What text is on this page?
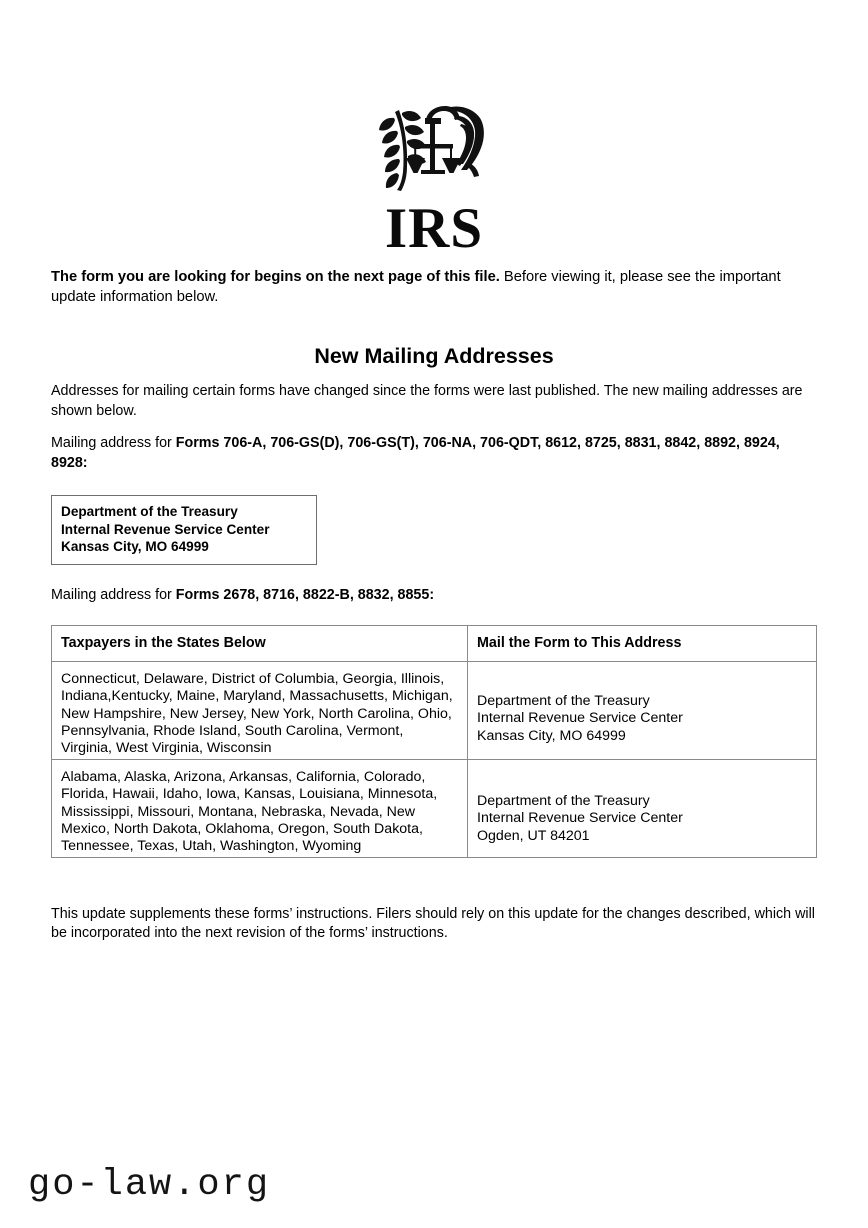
IRS

The form you are looking for begins on the next page of this file. Before viewing it, please see the important update information below.

New Mailing Addresses

Addresses for mailing certain forms have changed since the forms were last published. The new mailing addresses are shown below.

Mailing address for Forms 706-A, 706-GS(D), 706-GS(T), 706-NA, 706-QDT, 8612, 8725, 8831, 8842, 8892, 8924, 8928:

Department of the Treasury
Internal Revenue Service Center
Kansas City, MO 64999

Mailing address for Forms 2678, 8716, 8822-B, 8832, 8855:

Taxpayers in the States Below	Mail the Form to This Address
Connecticut, Delaware, District of Columbia, Georgia, Illinois, Indiana,Kentucky, Maine, Maryland, Massachusetts, Michigan, New Hampshire, New Jersey, New York, North Carolina, Ohio, Pennsylvania, Rhode Island, South Carolina, Vermont, Virginia, West Virginia, Wisconsin	
Department of the Treasury
Internal Revenue Service Center
Kansas City, MO 64999

Alabama, Alaska, Arizona, Arkansas, California, Colorado, Florida, Hawaii, Idaho, Iowa, Kansas, Louisiana, Minnesota, Mississippi, Missouri, Montana, Nebraska, Nevada, New Mexico, North Dakota, Oklahoma, Oregon, South Dakota, Tennessee, Texas, Utah, Washington, Wyoming	
Department of the Treasury
Internal Revenue Service Center
Ogden, UT 84201

This update supplements these forms’ instructions. Filers should rely on this update for the changes described, which will be incorporated into the next revision of the forms’ instructions.

go-law.org
